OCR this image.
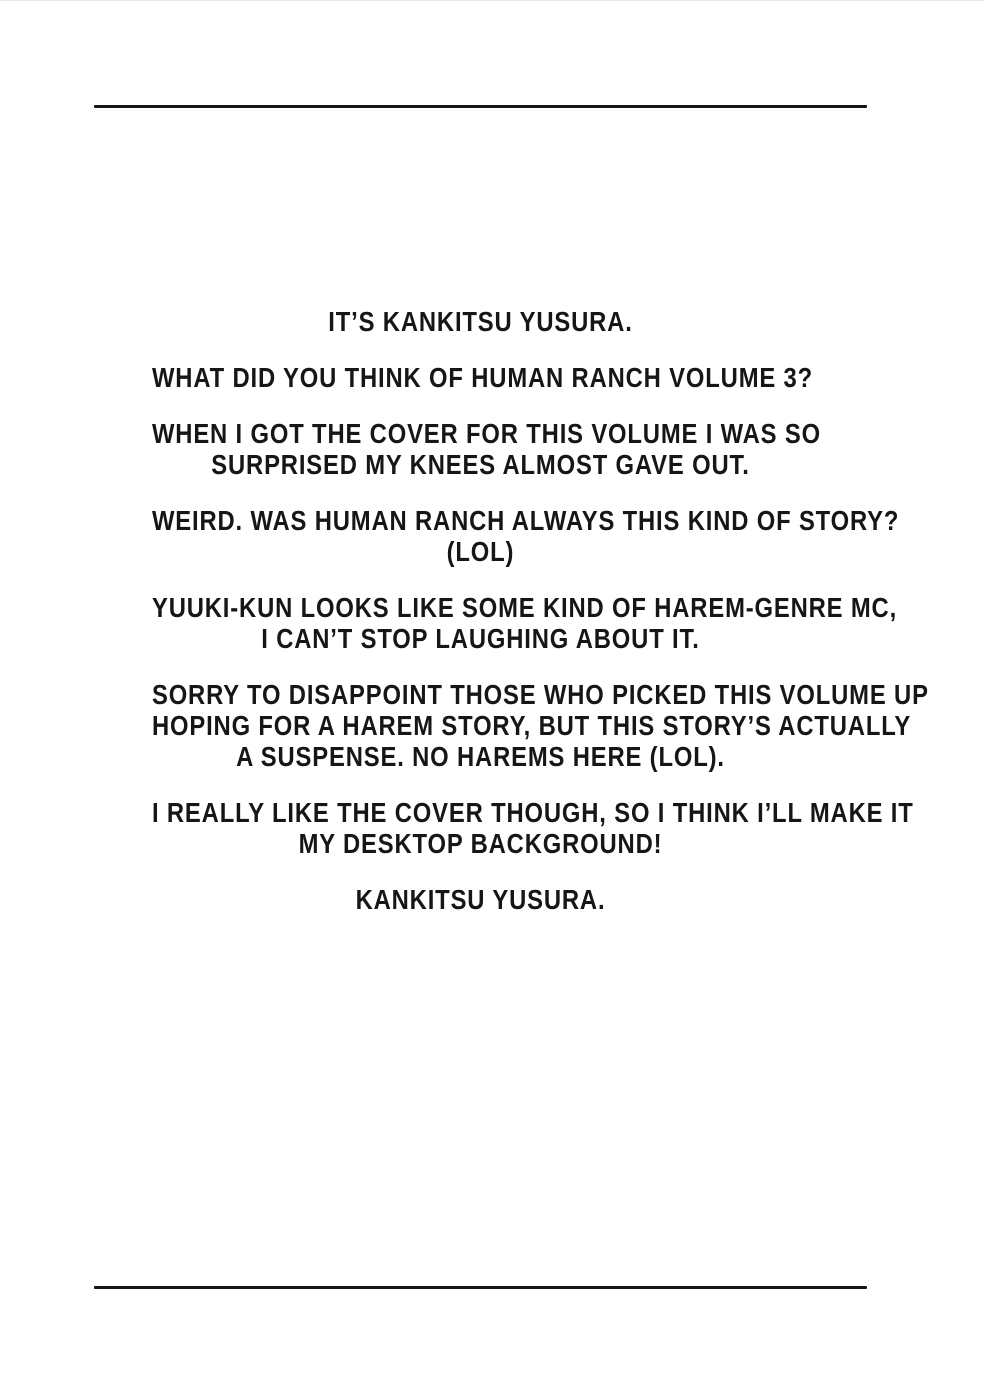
IT’S KANKITSU YUSURA.

WHAT DID YOU THINK OF HUMAN RANCH VOLUME 3?

WHEN I GOT THE COVER FOR THIS VOLUME I WAS SO
SURPRISED MY KNEES ALMOST GAVE OUT.

WEIRD. WAS HUMAN RANCH ALWAYS THIS KIND OF STORY?
(LOL)

YUUKI-KUN LOOKS LIKE SOME KIND OF HAREM-GENRE MC,
I CAN’T STOP LAUGHING ABOUT IT.

SORRY TO DISAPPOINT THOSE WHO PICKED THIS VOLUME UP
HOPING FOR A HAREM STORY, BUT THIS STORY’S ACTUALLY
A SUSPENSE. NO HAREMS HERE (LOL).

I REALLY LIKE THE COVER THOUGH, SO I THINK I’LL MAKE IT
MY DESKTOP BACKGROUND!

KANKITSU YUSURA.
